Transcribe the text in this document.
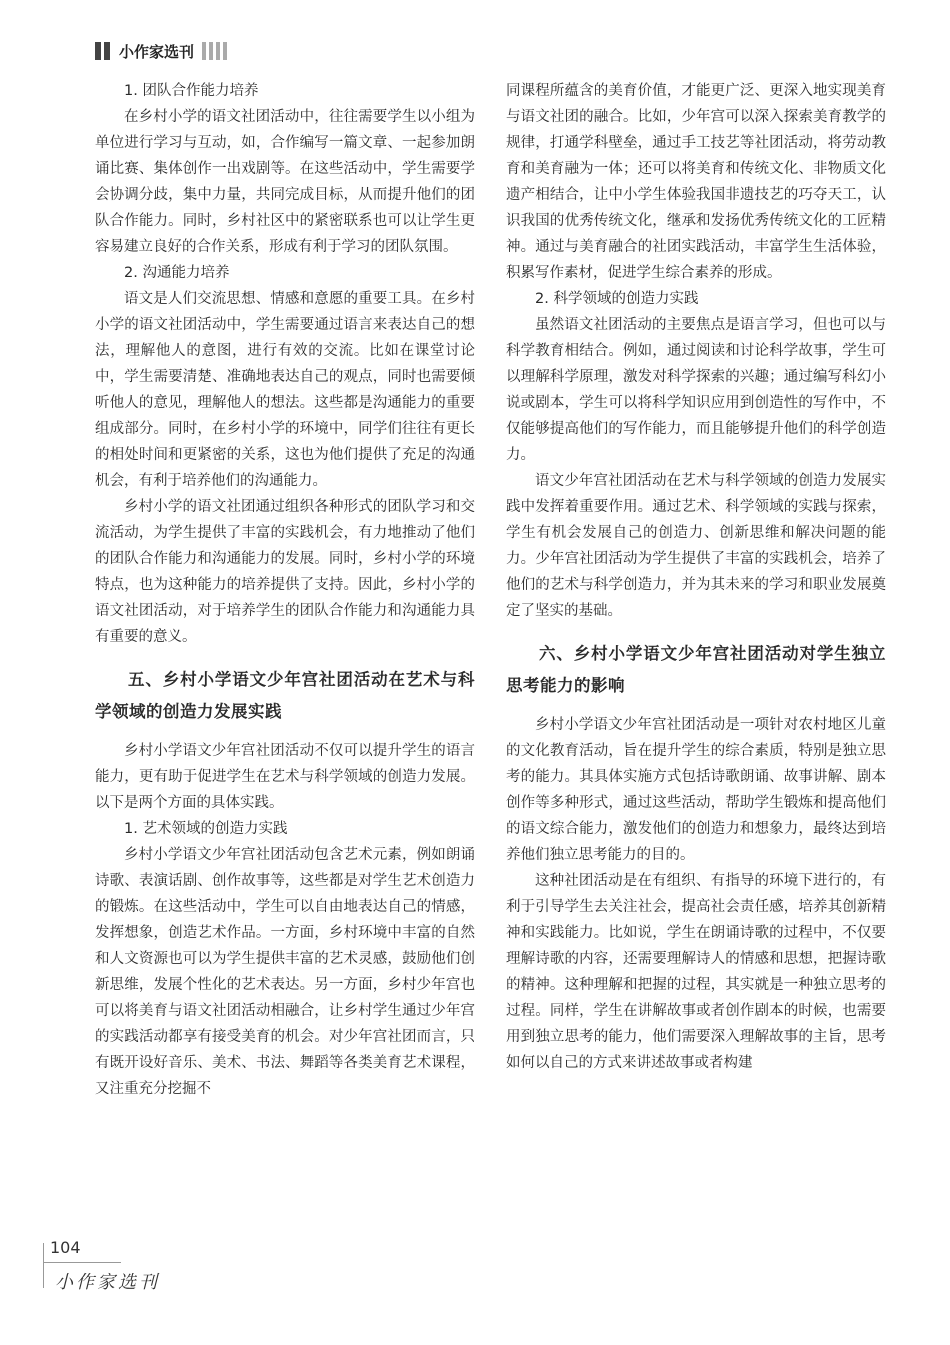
小作家选刊
1. 团队合作能力培养

在乡村小学的语文社团活动中，往往需要学生以小组为单位进行学习与互动，如，合作编写一篇文章、一起参加朗诵比赛、集体创作一出戏剧等。在这些活动中，学生需要学会协调分歧，集中力量，共同完成目标，从而提升他们的团队合作能力。同时，乡村社区中的紧密联系也可以让学生更容易建立良好的合作关系，形成有利于学习的团队氛围。

2. 沟通能力培养

语文是人们交流思想、情感和意愿的重要工具。在乡村小学的语文社团活动中，学生需要通过语言来表达自己的想法，理解他人的意图，进行有效的交流。比如在课堂讨论中，学生需要清楚、准确地表达自己的观点，同时也需要倾听他人的意见，理解他人的想法。这些都是沟通能力的重要组成部分。同时，在乡村小学的环境中，同学们往往有更长的相处时间和更紧密的关系，这也为他们提供了充足的沟通机会，有利于培养他们的沟通能力。

乡村小学的语文社团通过组织各种形式的团队学习和交流活动，为学生提供了丰富的实践机会，有力地推动了他们的团队合作能力和沟通能力的发展。同时，乡村小学的环境特点，也为这种能力的培养提供了支持。因此，乡村小学的语文社团活动，对于培养学生的团队合作能力和沟通能力具有重要的意义。

五、乡村小学语文少年宫社团活动在艺术与科学领域的创造力发展实践

乡村小学语文少年宫社团活动不仅可以提升学生的语言能力，更有助于促进学生在艺术与科学领域的创造力发展。以下是两个方面的具体实践。

1. 艺术领域的创造力实践

乡村小学语文少年宫社团活动包含艺术元素，例如朗诵诗歌、表演话剧、创作故事等，这些都是对学生艺术创造力的锻炼。在这些活动中，学生可以自由地表达自己的情感，发挥想象，创造艺术作品。一方面，乡村环境中丰富的自然和人文资源也可以为学生提供丰富的艺术灵感，鼓励他们创新思维，发展个性化的艺术表达。另一方面，乡村少年宫也可以将美育与语文社团活动相融合，让乡村学生通过少年宫的实践活动都享有接受美育的机会。对少年宫社团而言，只有既开设好音乐、美术、书法、舞蹈等各类美育艺术课程，又注重充分挖掘不

同课程所蕴含的美育价值，才能更广泛、更深入地实现美育与语文社团的融合。比如，少年宫可以深入探索美育教学的规律，打通学科壁垒，通过手工技艺等社团活动，将劳动教育和美育融为一体；还可以将美育和传统文化、非物质文化遗产相结合，让中小学生体验我国非遗技艺的巧夺天工，认识我国的优秀传统文化，继承和发扬优秀传统文化的工匠精神。通过与美育融合的社团实践活动，丰富学生生活体验，积累写作素材，促进学生综合素养的形成。

2. 科学领域的创造力实践

虽然语文社团活动的主要焦点是语言学习，但也可以与科学教育相结合。例如，通过阅读和讨论科学故事，学生可以理解科学原理，激发对科学探索的兴趣；通过编写科幻小说或剧本，学生可以将科学知识应用到创造性的写作中，不仅能够提高他们的写作能力，而且能够提升他们的科学创造力。

语文少年宫社团活动在艺术与科学领域的创造力发展实践中发挥着重要作用。通过艺术、科学领域的实践与探索，学生有机会发展自己的创造力、创新思维和解决问题的能力。少年宫社团活动为学生提供了丰富的实践机会，培养了他们的艺术与科学创造力，并为其未来的学习和职业发展奠定了坚实的基础。

六、乡村小学语文少年宫社团活动对学生独立思考能力的影响

乡村小学语文少年宫社团活动是一项针对农村地区儿童的文化教育活动，旨在提升学生的综合素质，特别是独立思考的能力。其具体实施方式包括诗歌朗诵、故事讲解、剧本创作等多种形式，通过这些活动，帮助学生锻炼和提高他们的语文综合能力，激发他们的创造力和想象力，最终达到培养他们独立思考能力的目的。

这种社团活动是在有组织、有指导的环境下进行的，有利于引导学生去关注社会，提高社会责任感，培养其创新精神和实践能力。比如说，学生在朗诵诗歌的过程中，不仅要理解诗歌的内容，还需要理解诗人的情感和思想，把握诗歌的精神。这种理解和把握的过程，其实就是一种独立思考的过程。同样，学生在讲解故事或者创作剧本的时候，也需要用到独立思考的能力，他们需要深入理解故事的主旨，思考如何以自己的方式来讲述故事或者构建

104
小作家选刊
